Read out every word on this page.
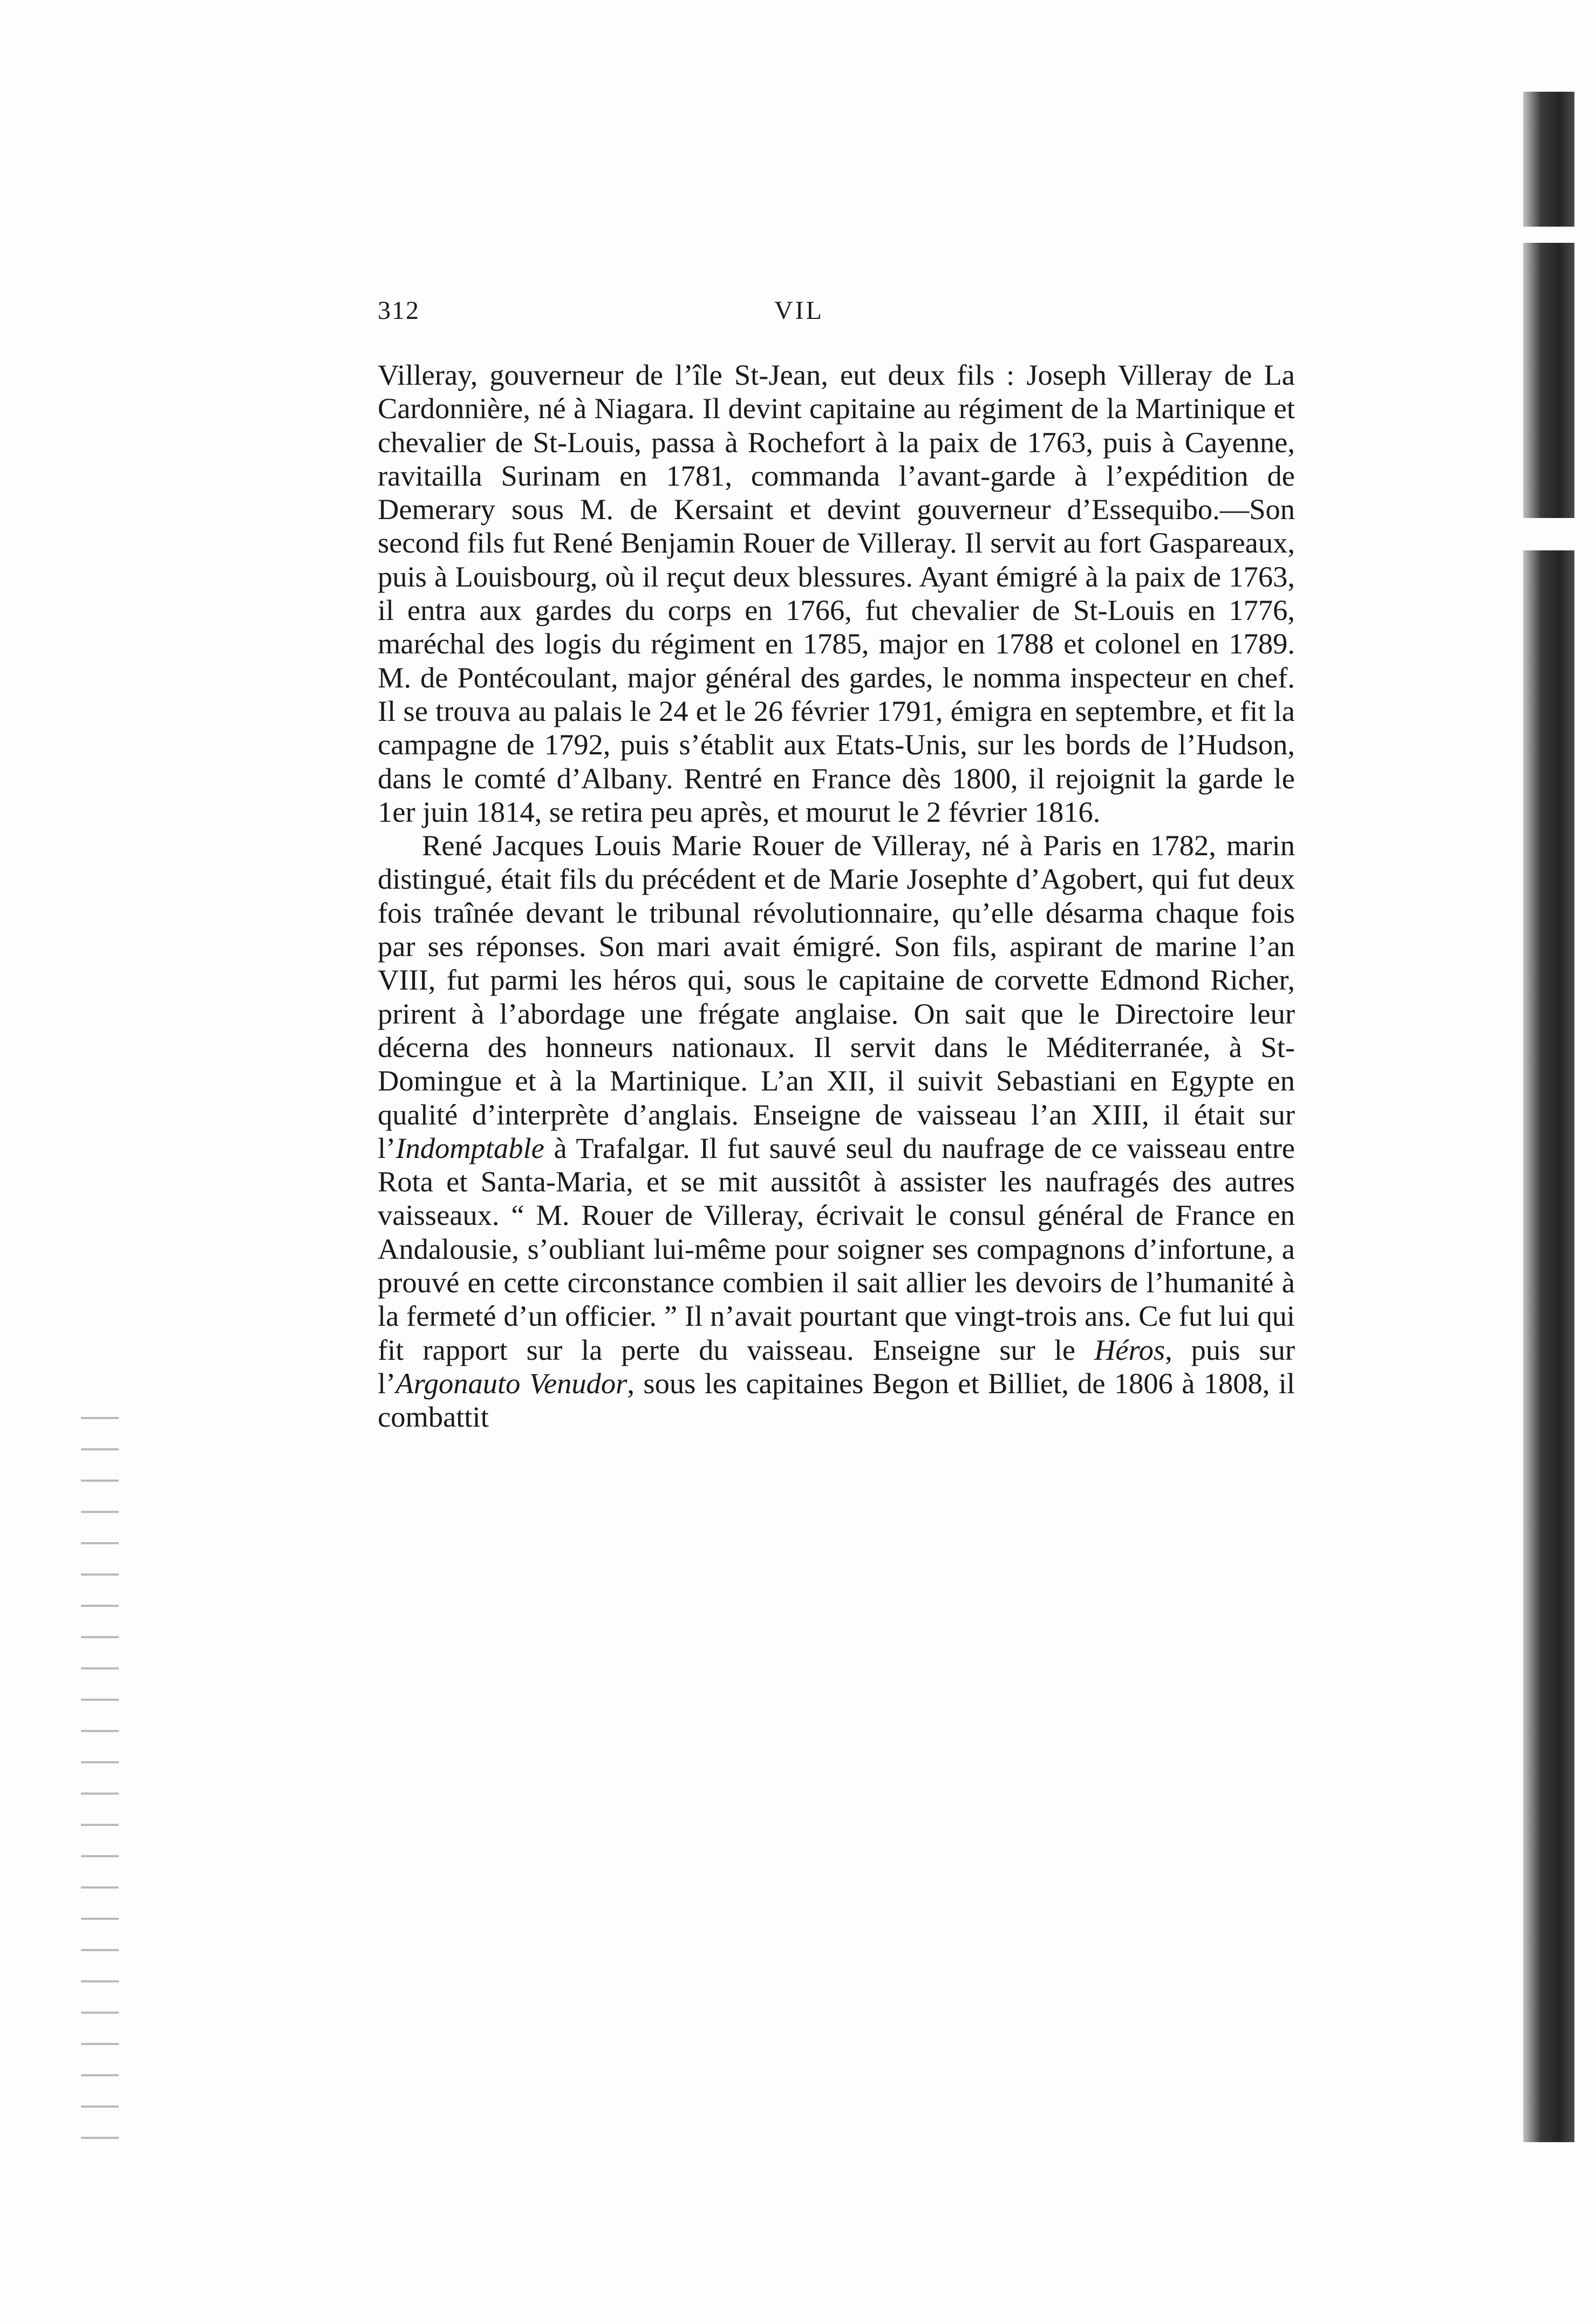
312	VIL

Villeray, gouverneur de l’île St-Jean, eut deux fils : Joseph Villeray de La Cardonnière, né à Niagara. Il devint capitaine au régiment de la Martinique et chevalier de St-Louis, passa à Rochefort à la paix de 1763, puis à Cayenne, ravitailla Surinam en 1781, commanda l’avant-garde à l’expédition de Demerary sous M. de Kersaint et devint gouverneur d’Essequibo.—Son second fils fut René Benjamin Rouer de Villeray. Il servit au fort Gaspareaux, puis à Louisbourg, où il reçut deux blessures. Ayant émigré à la paix de 1763, il entra aux gardes du corps en 1766, fut chevalier de St-Louis en 1776, maréchal des logis du régiment en 1785, major en 1788 et colonel en 1789. M. de Pontécoulant, major général des gardes, le nomma inspecteur en chef. Il se trouva au palais le 24 et le 26 février 1791, émigra en septembre, et fit la campagne de 1792, puis s’établit aux Etats-Unis, sur les bords de l’Hudson, dans le comté d’Albany. Rentré en France dès 1800, il rejoignit la garde le 1er juin 1814, se retira peu après, et mourut le 2 février 1816.

René Jacques Louis Marie Rouer de Villeray, né à Paris en 1782, marin distingué, était fils du précédent et de Marie Josephte d’Agobert, qui fut deux fois traînée devant le tribunal révolutionnaire, qu’elle désarma chaque fois par ses réponses. Son mari avait émigré. Son fils, aspirant de marine l’an VIII, fut parmi les héros qui, sous le capitaine de corvette Edmond Richer, prirent à l’abordage une frégate anglaise. On sait que le Directoire leur décerna des honneurs nationaux. Il servit dans le Méditerranée, à St-Domingue et à la Martinique. L’an XII, il suivit Sebastiani en Egypte en qualité d’interprète d’anglais. Enseigne de vaisseau l’an XIII, il était sur l’Indomptable à Trafalgar. Il fut sauvé seul du naufrage de ce vaisseau entre Rota et Santa-Maria, et se mit aussitôt à assister les naufragés des autres vaisseaux. “ M. Rouer de Villeray, écrivait le consul général de France en Andalousie, s’oubliant lui-même pour soigner ses compagnons d’infortune, a prouvé en cette circonstance combien il sait allier les devoirs de l’humanité à la fermeté d’un officier. ” Il n’avait pourtant que vingt-trois ans. Ce fut lui qui fit rapport sur la perte du vaisseau. Enseigne sur le Héros, puis sur l’Argonauto Venudor, sous les capitaines Begon et Billiet, de 1806 à 1808, il combattit
